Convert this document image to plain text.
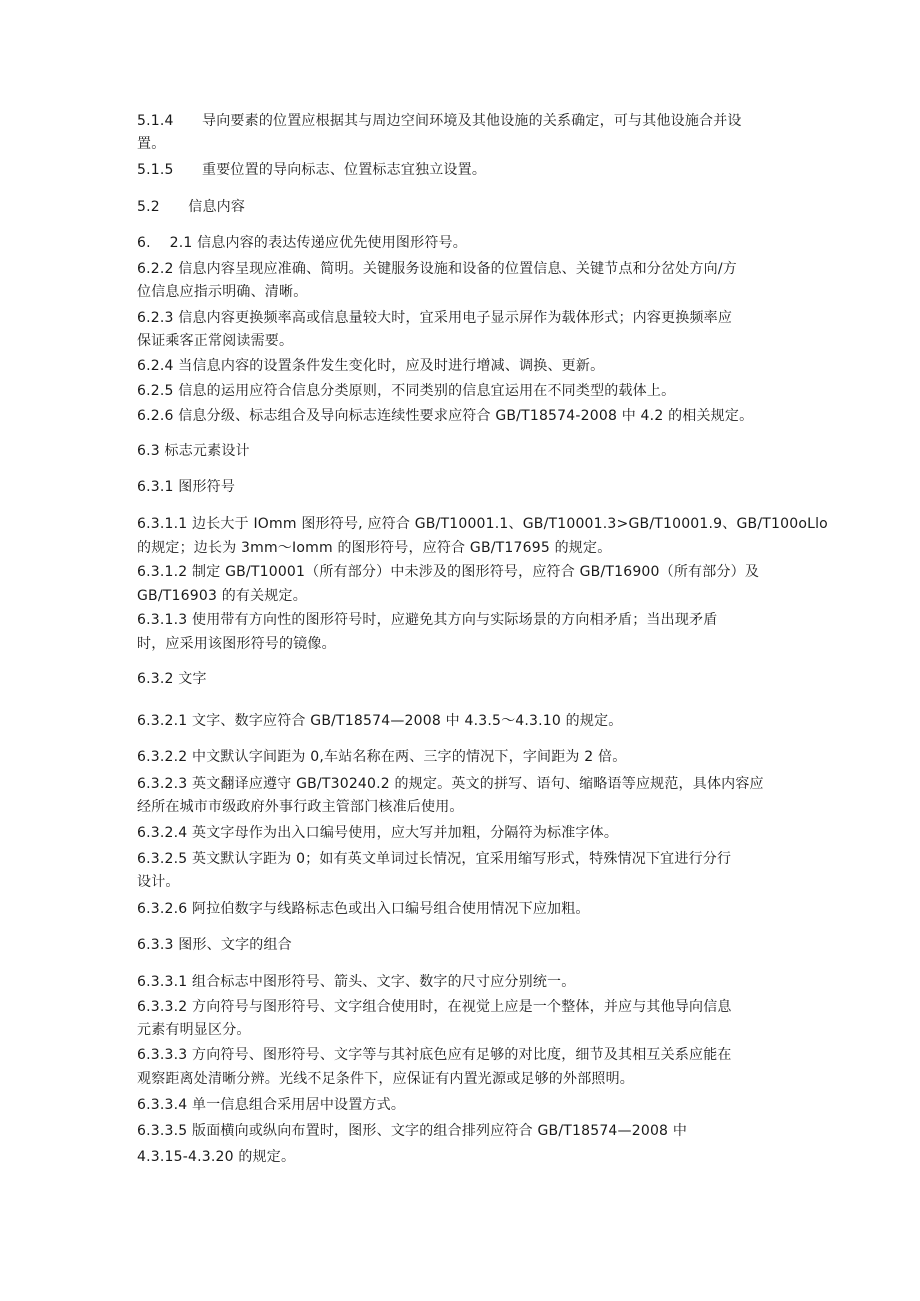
5.1.4　　导向要素的位置应根据其与周边空间环境及其他设施的关系确定，可与其他设施合并设
置。
5.1.5　　重要位置的导向标志、位置标志宜独立设置。
5.2　　信息内容
6.　 2.1 信息内容的表达传递应优先使用图形符号。
6.2.2 信息内容呈现应准确、简明。关键服务设施和设备的位置信息、关键节点和分岔处方向/方
位信息应指示明确、清晰。
6.2.3 信息内容更换频率高或信息量较大时，宜采用电子显示屏作为载体形式；内容更换频率应
保证乘客正常阅读需要。
6.2.4 当信息内容的设置条件发生变化时，应及时进行增减、调换、更新。
6.2.5 信息的运用应符合信息分类原则，不同类别的信息宜运用在不同类型的载体上。
6.2.6 信息分级、标志组合及导向标志连续性要求应符合 GB/T18574-2008 中 4.2 的相关规定。
6.3 标志元素设计
6.3.1 图形符号
6.3.1.1 边长大于 IOmm 图形符号, 应符合 GB/T10001.1、GB/T10001.3>GB/T10001.9、GB/T100oLlo
的规定；边长为 3mm～Iomm 的图形符号，应符合 GB/T17695 的规定。
6.3.1.2 制定 GB/T10001（所有部分）中未涉及的图形符号，应符合 GB/T16900（所有部分）及
GB/T16903 的有关规定。
6.3.1.3 使用带有方向性的图形符号时，应避免其方向与实际场景的方向相矛盾；当出现矛盾
时，应采用该图形符号的镜像。
6.3.2 文字
6.3.2.1 文字、数字应符合 GB/T18574—2008 中 4.3.5～4.3.10 的规定。
6.3.2.2 中文默认字间距为 0,车站名称在两、三字的情况下，字间距为 2 倍。
6.3.2.3 英文翻译应遵守 GB/T30240.2 的规定。英文的拼写、语句、缩略语等应规范，具体内容应
经所在城市市级政府外事行政主管部门核准后使用。
6.3.2.4 英文字母作为出入口编号使用，应大写并加粗，分隔符为标准字体。
6.3.2.5 英文默认字距为 0；如有英文单词过长情况，宜采用缩写形式，特殊情况下宜进行分行
设计。
6.3.2.6 阿拉伯数字与线路标志色或出入口编号组合使用情况下应加粗。
6.3.3 图形、文字的组合
6.3.3.1 组合标志中图形符号、箭头、文字、数字的尺寸应分别统一。
6.3.3.2 方向符号与图形符号、文字组合使用时，在视觉上应是一个整体，并应与其他导向信息
元素有明显区分。
6.3.3.3 方向符号、图形符号、文字等与其衬底色应有足够的对比度，细节及其相互关系应能在
观察距离处清晰分辨。光线不足条件下，应保证有内置光源或足够的外部照明。
6.3.3.4 单一信息组合采用居中设置方式。
6.3.3.5 版面横向或纵向布置时，图形、文字的组合排列应符合 GB/T18574—2008 中
4.3.15-4.3.20 的规定。
